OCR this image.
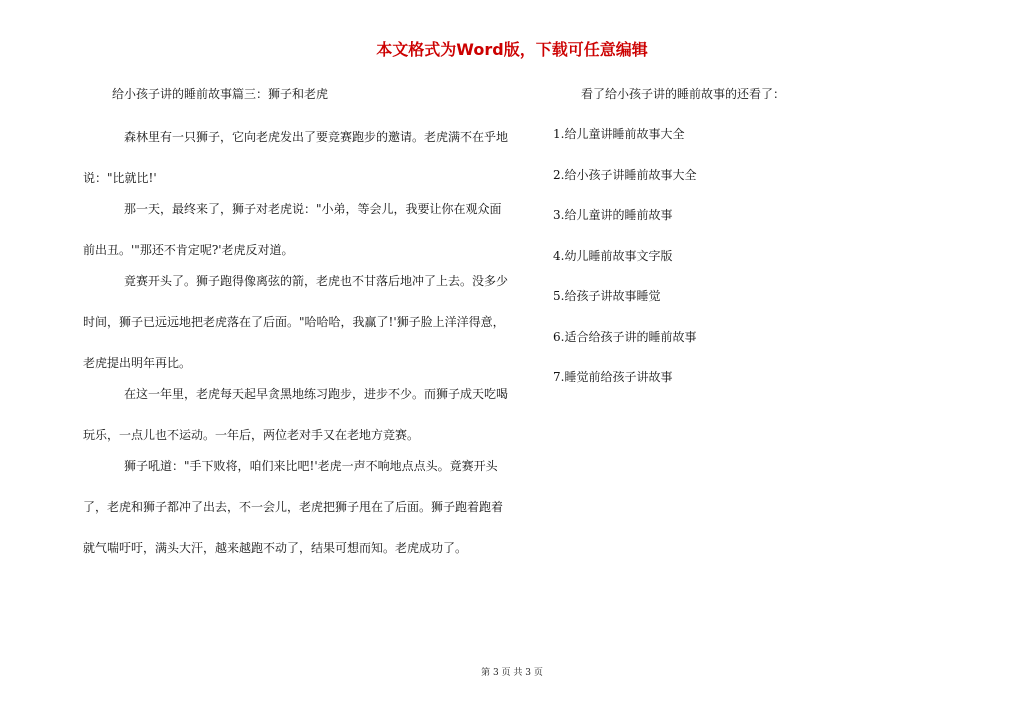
本文格式为Word版，下载可任意编辑
给小孩子讲的睡前故事篇三：狮子和老虎

森林里有一只狮子，它向老虎发出了要竞赛跑步的邀请。老虎满不在乎地说："比就比!'

那一天，最终来了，狮子对老虎说："小弟，等会儿，我要让你在观众面前出丑。'"那还不肯定呢?'老虎反对道。

竟赛开头了。狮子跑得像离弦的箭，老虎也不甘落后地冲了上去。没多少时间，狮子已远远地把老虎落在了后面。"哈哈哈，我赢了!'狮子脸上洋洋得意，老虎提出明年再比。

在这一年里，老虎每天起早贪黑地练习跑步，进步不少。而狮子成天吃喝玩乐，一点儿也不运动。一年后，两位老对手又在老地方竞赛。

狮子吼道："手下败将，咱们来比吧!'老虎一声不响地点点头。竟赛开头了，老虎和狮子都冲了出去，不一会儿，老虎把狮子甩在了后面。狮子跑着跑着就气喘吁吁，满头大汗，越来越跑不动了，结果可想而知。老虎成功了。

看了给小孩子讲的睡前故事的还看了：
1.给儿童讲睡前故事大全
2.给小孩子讲睡前故事大全
3.给儿童讲的睡前故事
4.幼儿睡前故事文字版
5.给孩子讲故事睡觉
6.适合给孩子讲的睡前故事
7.睡觉前给孩子讲故事
第 3 页 共 3 页
